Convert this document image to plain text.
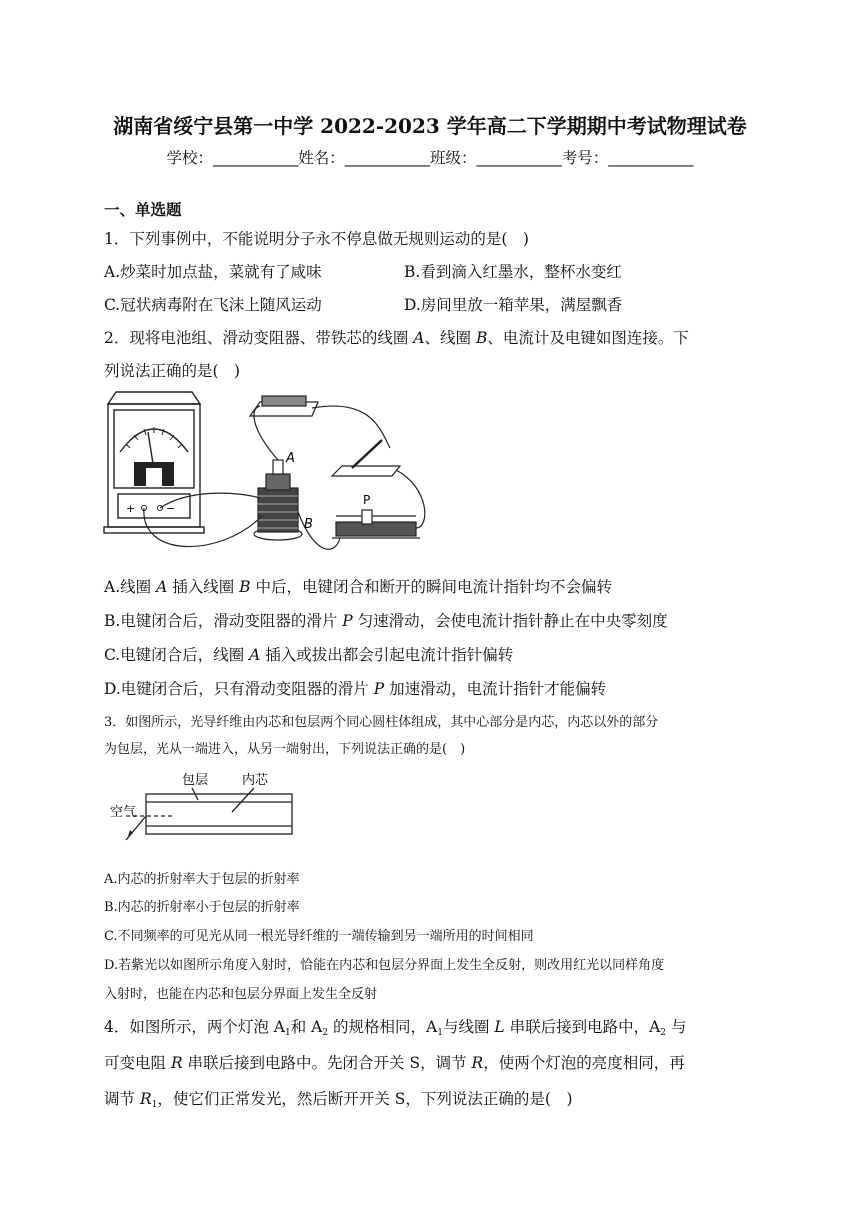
湖南省绥宁县第一中学 2022-2023 学年高二下学期期中考试物理试卷
学校：___________姓名：___________班级：___________考号：___________
一、单选题
1．下列事例中，不能说明分子永不停息做无规则运动的是(　)
A.炒菜时加点盐，菜就有了咸味	B.看到滴入红墨水，整杯水变红
C.冠状病毒附在飞沫上随风运动	D.房间里放一箱苹果，满屋飘香
2．现将电池组、滑动变阻器、带铁芯的线圈 A、线圈 B、电流计及电键如图连接。下
列说法正确的是(　)
+	−
A
B
P
A.线圈 A 插入线圈 B 中后，电键闭合和断开的瞬间电流计指针均不会偏转
B.电键闭合后，滑动变阻器的滑片 P 匀速滑动，会使电流计指针静止在中央零刻度
C.电键闭合后，线圈 A 插入或拔出都会引起电流计指针偏转
D.电键闭合后，只有滑动变阻器的滑片 P 加速滑动，电流计指针才能偏转
3．如图所示，光导纤维由内芯和包层两个同心圆柱体组成，其中心部分是内芯，内芯以外的部分
为包层，光从一端进入，从另一端射出，下列说法正确的是(　)
包层	内芯
空气
A.内芯的折射率大于包层的折射率
B.内芯的折射率小于包层的折射率
C.不同频率的可见光从同一根光导纤维的一端传输到另一端所用的时间相同
D.若紫光以如图所示角度入射时，恰能在内芯和包层分界面上发生全反射，则改用红光以同样角度
入射时，也能在内芯和包层分界面上发生全反射
4．如图所示，两个灯泡 $A_1$和 $A_2$ 的规格相同，$A_1$与线圈 L 串联后接到电路中，$A_2$ 与
可变电阻 R 串联后接到电路中。先闭合开关 S，调节 R，使两个灯泡的亮度相同，再
调节 $R_1$，使它们正常发光，然后断开开关 S，下列说法正确的是(　)
